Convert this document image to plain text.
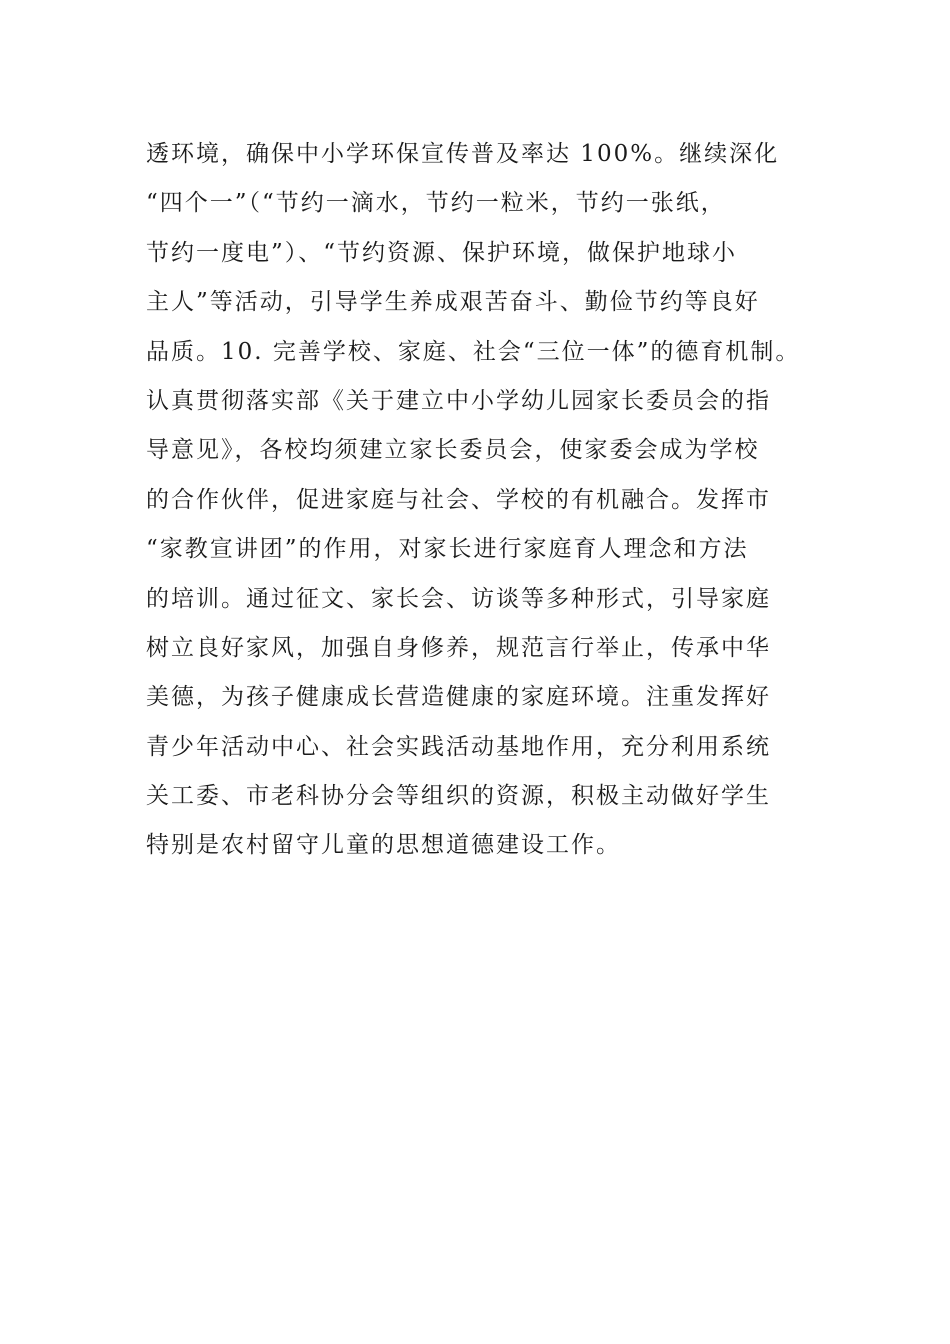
透环境，确保中小学环保宣传普及率达 100%。继续深化
“四个一”（“节约一滴水，节约一粒米，节约一张纸，
节约一度电”）、“节约资源、保护环境，做保护地球小
主人”等活动，引导学生养成艰苦奋斗、勤俭节约等良好
品质。10. 完善学校、家庭、社会“三位一体”的德育机制。
认真贯彻落实部《关于建立中小学幼儿园家长委员会的指
导意见》，各校均须建立家长委员会，使家委会成为学校
的合作伙伴，促进家庭与社会、学校的有机融合。发挥市
“家教宣讲团”的作用，对家长进行家庭育人理念和方法
的培训。通过征文、家长会、访谈等多种形式，引导家庭
树立良好家风，加强自身修养，规范言行举止，传承中华
美德，为孩子健康成长营造健康的家庭环境。注重发挥好
青少年活动中心、社会实践活动基地作用，充分利用系统
关工委、市老科协分会等组织的资源，积极主动做好学生
特别是农村留守儿童的思想道德建设工作。
